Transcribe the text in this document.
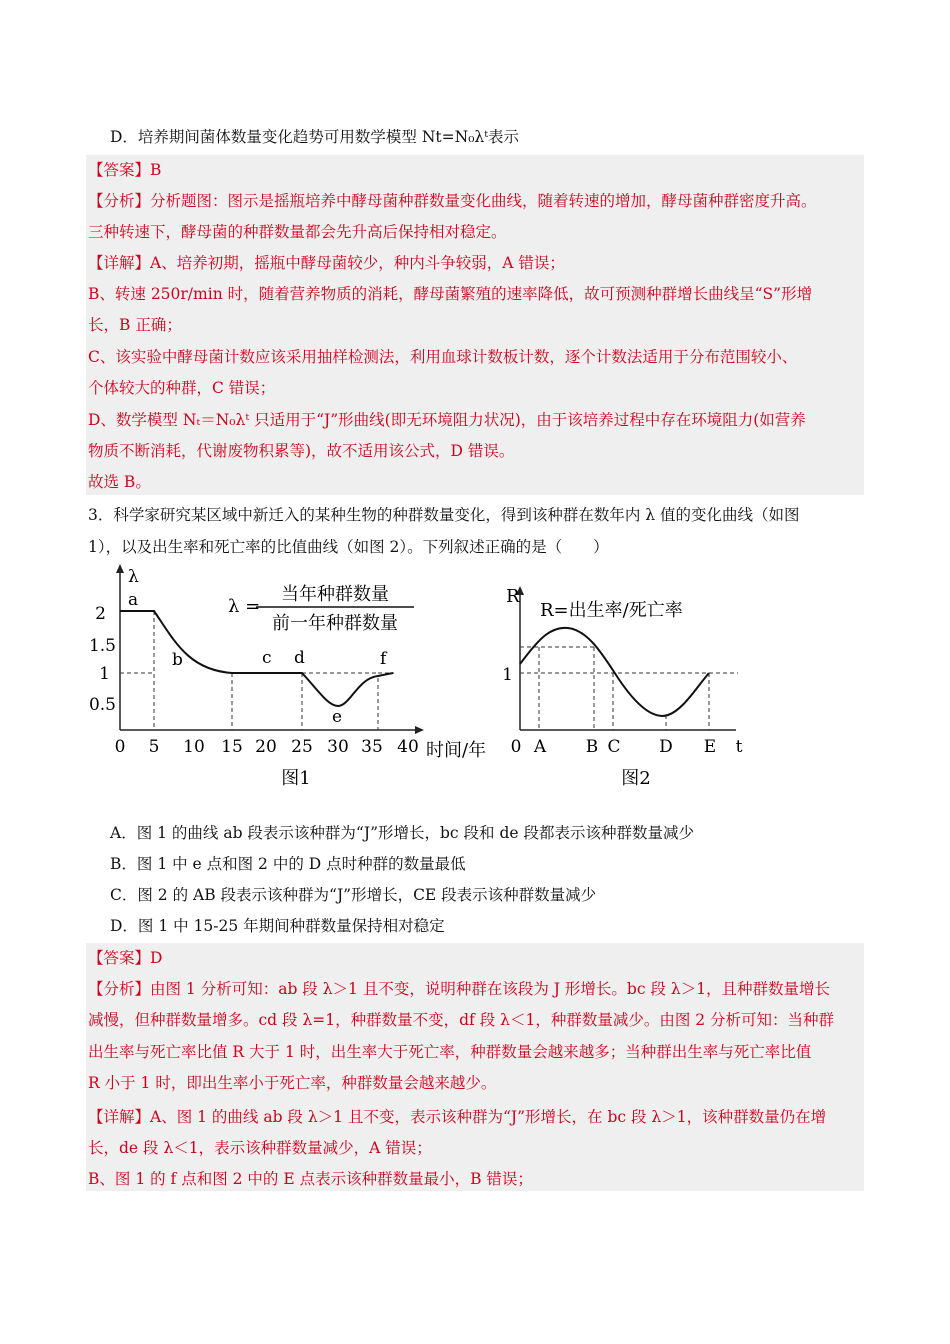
D．培养期间菌体数量变化趋势可用数学模型 Nt=N₀λᵗ表示
【答案】B
【分析】分析题图：图示是摇瓶培养中酵母菌种群数量变化曲线，随着转速的增加，酵母菌种群密度升高。
三种转速下，酵母菌的种群数量都会先升高后保持相对稳定。
【详解】A、培养初期，摇瓶中酵母菌较少，种内斗争较弱，A 错误；
B、转速 250r/min 时，随着营养物质的消耗，酵母菌繁殖的速率降低，故可预测种群增长曲线呈“S”形增
长，B 正确；
C、该实验中酵母菌计数应该采用抽样检测法，利用血球计数板计数，逐个计数法适用于分布范围较小、
个体较大的种群，C 错误；
D、数学模型 Nₜ＝N₀λᵗ 只适用于“J”形曲线(即无环境阻力状况)，由于该培养过程中存在环境阻力(如营养
物质不断消耗，代谢废物积累等)，故不适用该公式，D 错误。
故选 B。
3．科学家研究某区域中新迁入的某种生物的种群数量变化，得到该种群在数年内 λ 值的变化曲线（如图
1），以及出生率和死亡率的比值曲线（如图 2）。下列叙述正确的是（　　）
λ
2
1.5
1
0.5
0 5 10 15 20 25 30 35 40 时间/年
a
b	c d
e
f
λ =
当年种群数量
前一年种群数量
图1
R
R=出生率/死亡率
1
0 A B C D E t
图2
A．图 1 的曲线 ab 段表示该种群为“J”形增长，bc 段和 de 段都表示该种群数量减少
B．图 1 中 e 点和图 2 中的 D 点时种群的数量最低
C．图 2 的 AB 段表示该种群为“J”形增长，CE 段表示该种群数量减少
D．图 1 中 15-25 年期间种群数量保持相对稳定
【答案】D
【分析】由图 1 分析可知：ab 段 λ＞1 且不变，说明种群在该段为 J 形增长。bc 段 λ＞1，且种群数量增长
减慢，但种群数量增多。cd 段 λ=1，种群数量不变，df 段 λ＜1，种群数量减少。由图 2 分析可知：当种群
出生率与死亡率比值 R 大于 1 时，出生率大于死亡率，种群数量会越来越多；当种群出生率与死亡率比值
R 小于 1 时，即出生率小于死亡率，种群数量会越来越少。
【详解】A、图 1 的曲线 ab 段 λ＞1 且不变，表示该种群为“J”形增长，在 bc 段 λ＞1，该种群数量仍在增
长，de 段 λ＜1，表示该种群数量减少，A 错误；
B、图 1 的 f 点和图 2 中的 E 点表示该种群数量最小，B 错误；
